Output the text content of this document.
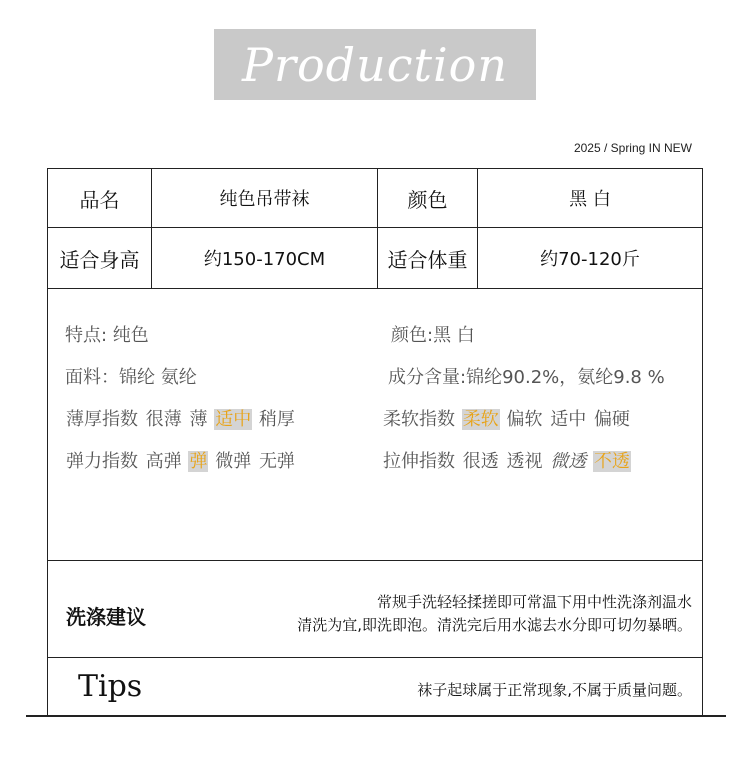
Production
2025 / Spring IN NEW
品名	纯色吊带袜	颜色	黑 白
适合身高	约150-170CM	适合体重	约70-120斤
特点: 纯色	颜色:黑 白
面料：锦纶 氨纶	成分含量:锦纶90.2%，氨纶9.8 %
薄厚指数 很薄 薄 适中 稍厚	柔软指数 柔软 偏软 适中 偏硬
弹力指数 高弹 弹 微弹 无弹	拉伸指数 很透 透视 微透 不透
洗涤建议
常规手洗轻轻揉搓即可常温下用中性洗涤剂温水
清洗为宜,即洗即泡。清洗完后用水滤去水分即可切勿暴晒。
Tips	袜子起球属于正常现象,不属于质量问题。
